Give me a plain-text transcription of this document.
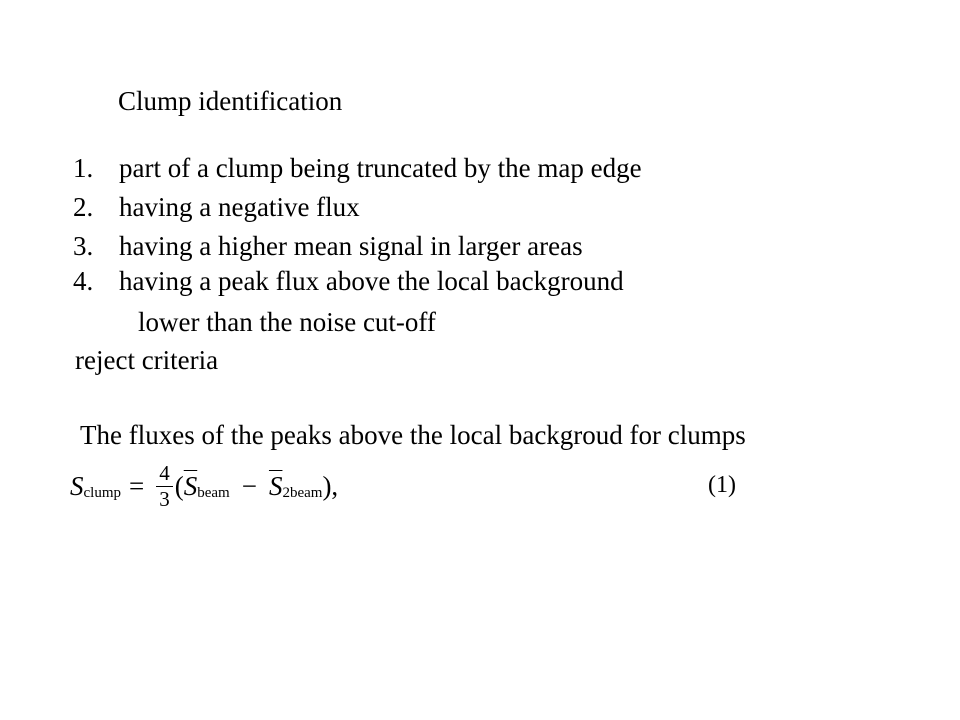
Clump identification
1. part of a clump being truncated by the map edge
2. having a negative flux
3. having a higher mean signal in larger areas
4. having a peak flux above the local background
lower than the noise cut-off
reject criteria
The fluxes of the peaks above the local backgroud for clumps
S clump = $\frac{4}{3}$ ( $\overline{S}$ beam − $\overline{S}$ 2beam ),	(1)
